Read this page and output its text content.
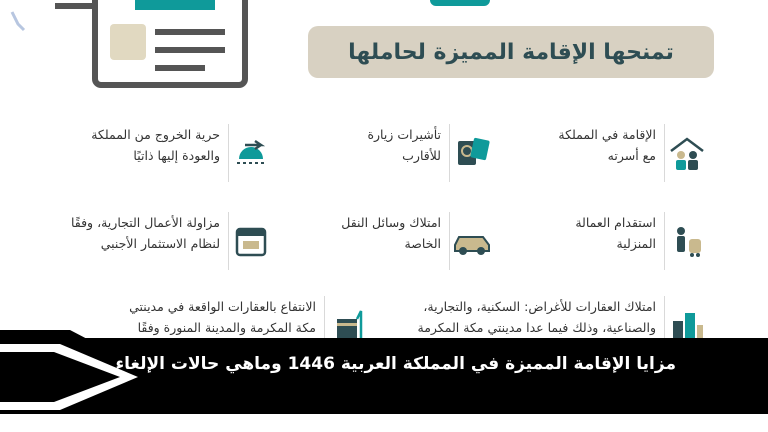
تمنحها الإقامة المميزة لحاملها
الإقامة في المملكة
مع أسرته
تأشيرات زيارة
للأقارب
حرية الخروج من المملكة
والعودة إليها ذاتيًا
استقدام العمالة
المنزلية
امتلاك وسائل النقل
الخاصة
مزاولة الأعمال التجارية، وفقًا
لنظام الاستثمار الأجنبي
امتلاك العقارات للأغراض: السكنية، والتجارية،
والصناعية، وذلك فيما عدا مدينتي مكة المكرمة
الانتفاع بالعقارات الواقعة في مدينتي
مكة المكرمة والمدينة المنورة وفقًا
مزايا الإقامة المميزة في المملكة العربية 1446 وماهي حالات الإلغاء
